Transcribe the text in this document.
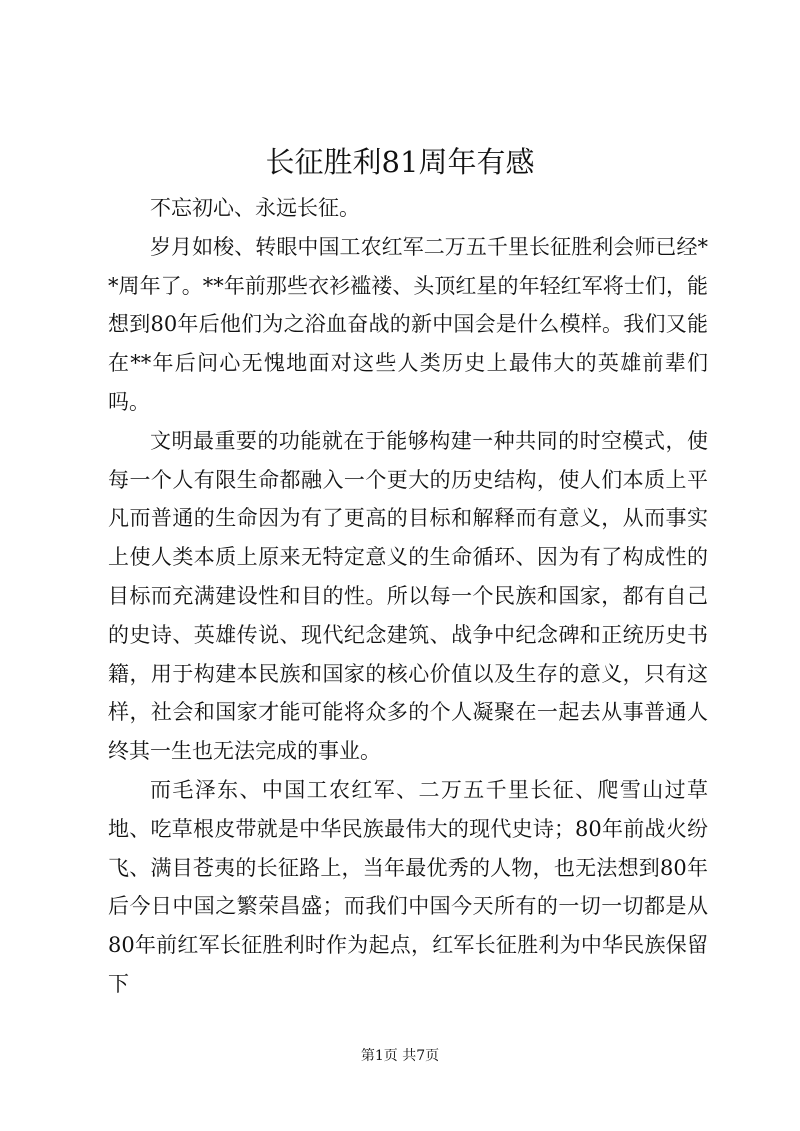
长征胜利81周年有感

不忘初心、永远长征。

岁月如梭、转眼中国工农红军二万五千里长征胜利会师已经**周年了。**年前那些衣衫褴褛、头顶红星的年轻红军将士们，能想到80年后他们为之浴血奋战的新中国会是什么模样。我们又能在**年后问心无愧地面对这些人类历史上最伟大的英雄前辈们吗。

文明最重要的功能就在于能够构建一种共同的时空模式，使每一个人有限生命都融入一个更大的历史结构，使人们本质上平凡而普通的生命因为有了更高的目标和解释而有意义，从而事实上使人类本质上原来无特定意义的生命循环、因为有了构成性的目标而充满建设性和目的性。所以每一个民族和国家，都有自己的史诗、英雄传说、现代纪念建筑、战争中纪念碑和正统历史书籍，用于构建本民族和国家的核心价值以及生存的意义，只有这样，社会和国家才能可能将众多的个人凝聚在一起去从事普通人终其一生也无法完成的事业。

而毛泽东、中国工农红军、二万五千里长征、爬雪山过草地、吃草根皮带就是中华民族最伟大的现代史诗；80年前战火纷飞、满目苍夷的长征路上，当年最优秀的人物，也无法想到80年后今日中国之繁荣昌盛；而我们中国今天所有的一切一切都是从80年前红军长征胜利时作为起点，红军长征胜利为中华民族保留下

第1页 共7页
